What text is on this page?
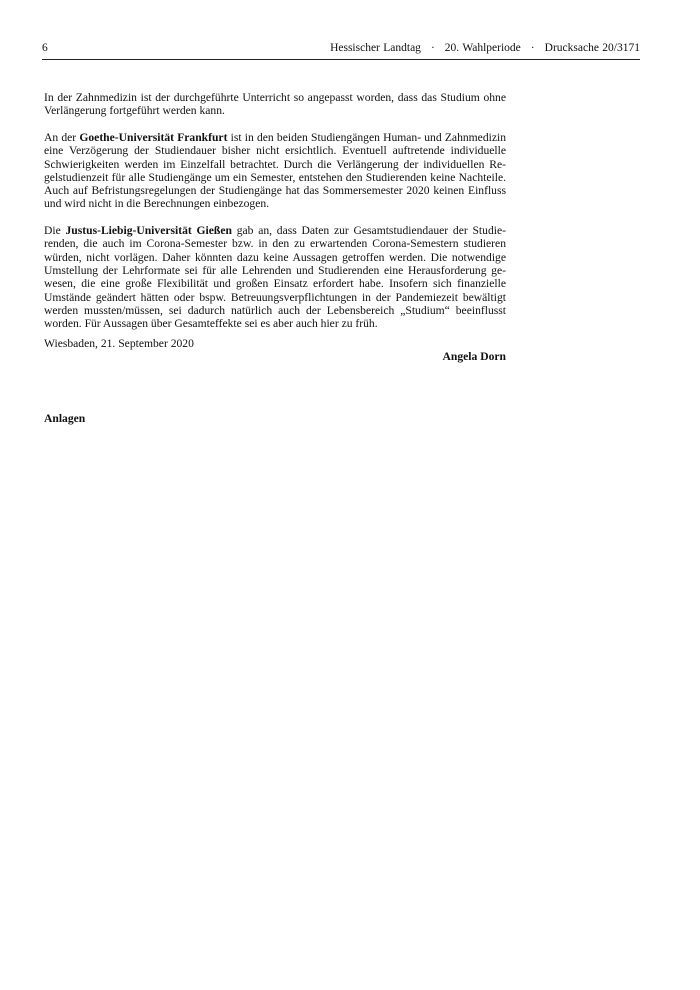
6	Hessischer Landtag · 20. Wahlperiode · Drucksache 20/3171

In der Zahnmedizin ist der durchgeführte Unterricht so angepasst worden, dass das Studium ohne Verlängerung fortgeführt werden kann.

An der Goethe-Universität Frankfurt ist in den beiden Studiengängen Human- und Zahnmedizin eine Verzögerung der Studiendauer bisher nicht ersichtlich. Eventuell auftretende individuelle Schwierigkeiten werden im Einzelfall betrachtet. Durch die Verlängerung der individuellen Regelstudienzeit für alle Studiengänge um ein Semester, entstehen den Studierenden keine Nachteile. Auch auf Befristungsregelungen der Studiengänge hat das Sommersemester 2020 keinen Einfluss und wird nicht in die Berechnungen einbezogen.

Die Justus-Liebig-Universität Gießen gab an, dass Daten zur Gesamtstudiendauer der Studierenden, die auch im Corona-Semester bzw. in den zu erwartenden Corona-Semestern studieren würden, nicht vorlägen. Daher könnten dazu keine Aussagen getroffen werden. Die notwendige Umstellung der Lehrformate sei für alle Lehrenden und Studierenden eine Herausforderung gewesen, die eine große Flexibilität und großen Einsatz erfordert habe. Insofern sich finanzielle Umstände geändert hätten oder bspw. Betreuungsverpflichtungen in der Pandemiezeit bewältigt werden mussten/müssen, sei dadurch natürlich auch der Lebensbereich „Studium“ beeinflusst worden. Für Aussagen über Gesamteffekte sei es aber auch hier zu früh.

Wiesbaden, 21. September 2020
Angela Dorn
Anlagen
